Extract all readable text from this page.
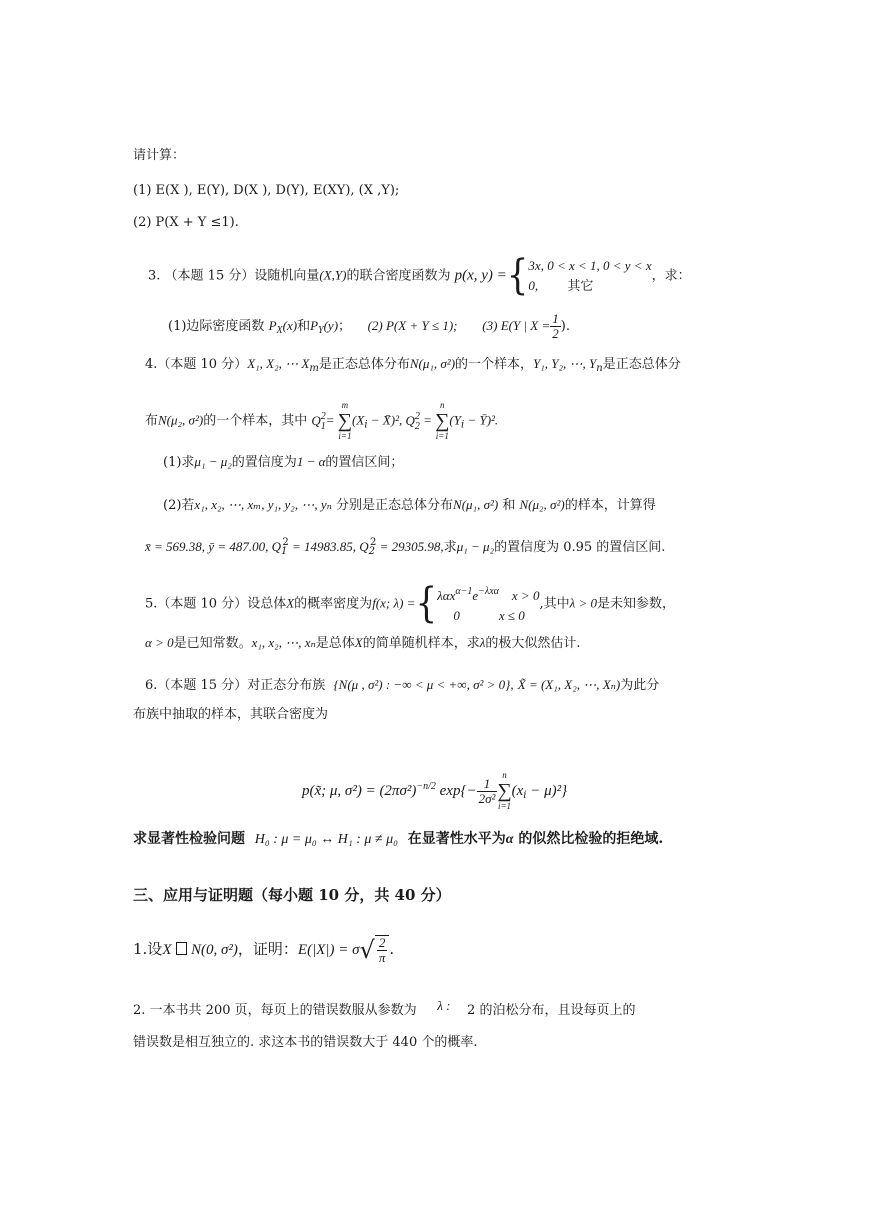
请计算：
(1) E(X ), E(Y), D(X ), D(Y), E(XY), (X ,Y);
(2) P(X + Y ≤1).
3. （本题 15 分）设随机向量(X,Y)的联合密度函数为 p(x, y) ={ 3x, 0 < x < 1, 0 < y < x
0, 其它
，求：
(1)边际密度函数 $P_X(x)$和$P_Y(y)$； (2) P(X + Y ≤ 1); (3) E(Y | $X = \frac{1}{2}$ ).
4.（本题 10 分）X₁, X₂, ⋯ $X_m$是正态总体分布N(μ₁, σ²)的一个样本，Y₁, Y₂, ⋯, $Y_n$是正态总体分
布N(μ₂, σ²)的一个样本，其中 $Q_1^2=$
m
∑
i=1
($X_i$ − X̄)², $Q_2^2$ =
n
∑
i=1
($Y_i$ − Ȳ)².
(1)求μ₁ − μ₂的置信度为1 − α的置信区间；
(2)若x₁, x₂, ⋯, xₘ, y₁, y₂, ⋯, yₙ 分别是正态总体分布N(μ₁, σ²) 和 N(μ₂, σ²)的样本，计算得
x̄ = 569.38, ȳ = 487.00, $Q_1^2 = 14983.85$, $Q_2^2 = 29305.98$,求μ₁ − μ₂的置信度为 0.95 的置信区间.
5.（本题 10 分）设总体X的概率密度为f(x; λ) ={ $\lambda\alpha x^{\alpha-1}e^{-\lambda x\alpha}$ x > 0
0	x ≤ 0
,其中λ > 0是未知参数，
α > 0是已知常数。x₁, x₂, ⋯, xₙ是总体X的简单随机样本，求λ的极大似然估计.
6.（本题 15 分）对正态分布族 {N(μ , σ²) : −∞ < μ < +∞, σ² > 0}, X̃ = (X₁, X₂, ⋯, Xₙ)为此分
布族中抽取的样本，其联合密度为
p(x̃; μ, $\sigma^2) = (2\pi\sigma^2)^{-n/2}$ $\exp\{- \frac{1}{\text{2σ²}}$
n
∑
i=1
$(x_i - \mu)^2$}
求显著性检验问题 H₀ : μ = μ₀ ↔ H₁ : μ ≠ μ₀ 在显著性水平为α 的似然比检验的拒绝域.
三、应用与证明题（每小题 10 分，共 40 分）
1.设X  N(0, σ²)，证明：$E(|X|) = \sigma√ \frac{2}{\pi}$ .
2. 一本书共 200 页，每页上的错误数服从参数为 λ : 2 的泊松分布，且设每页上的
错误数是相互独立的. 求这本书的错误数大于 440 个的概率.
